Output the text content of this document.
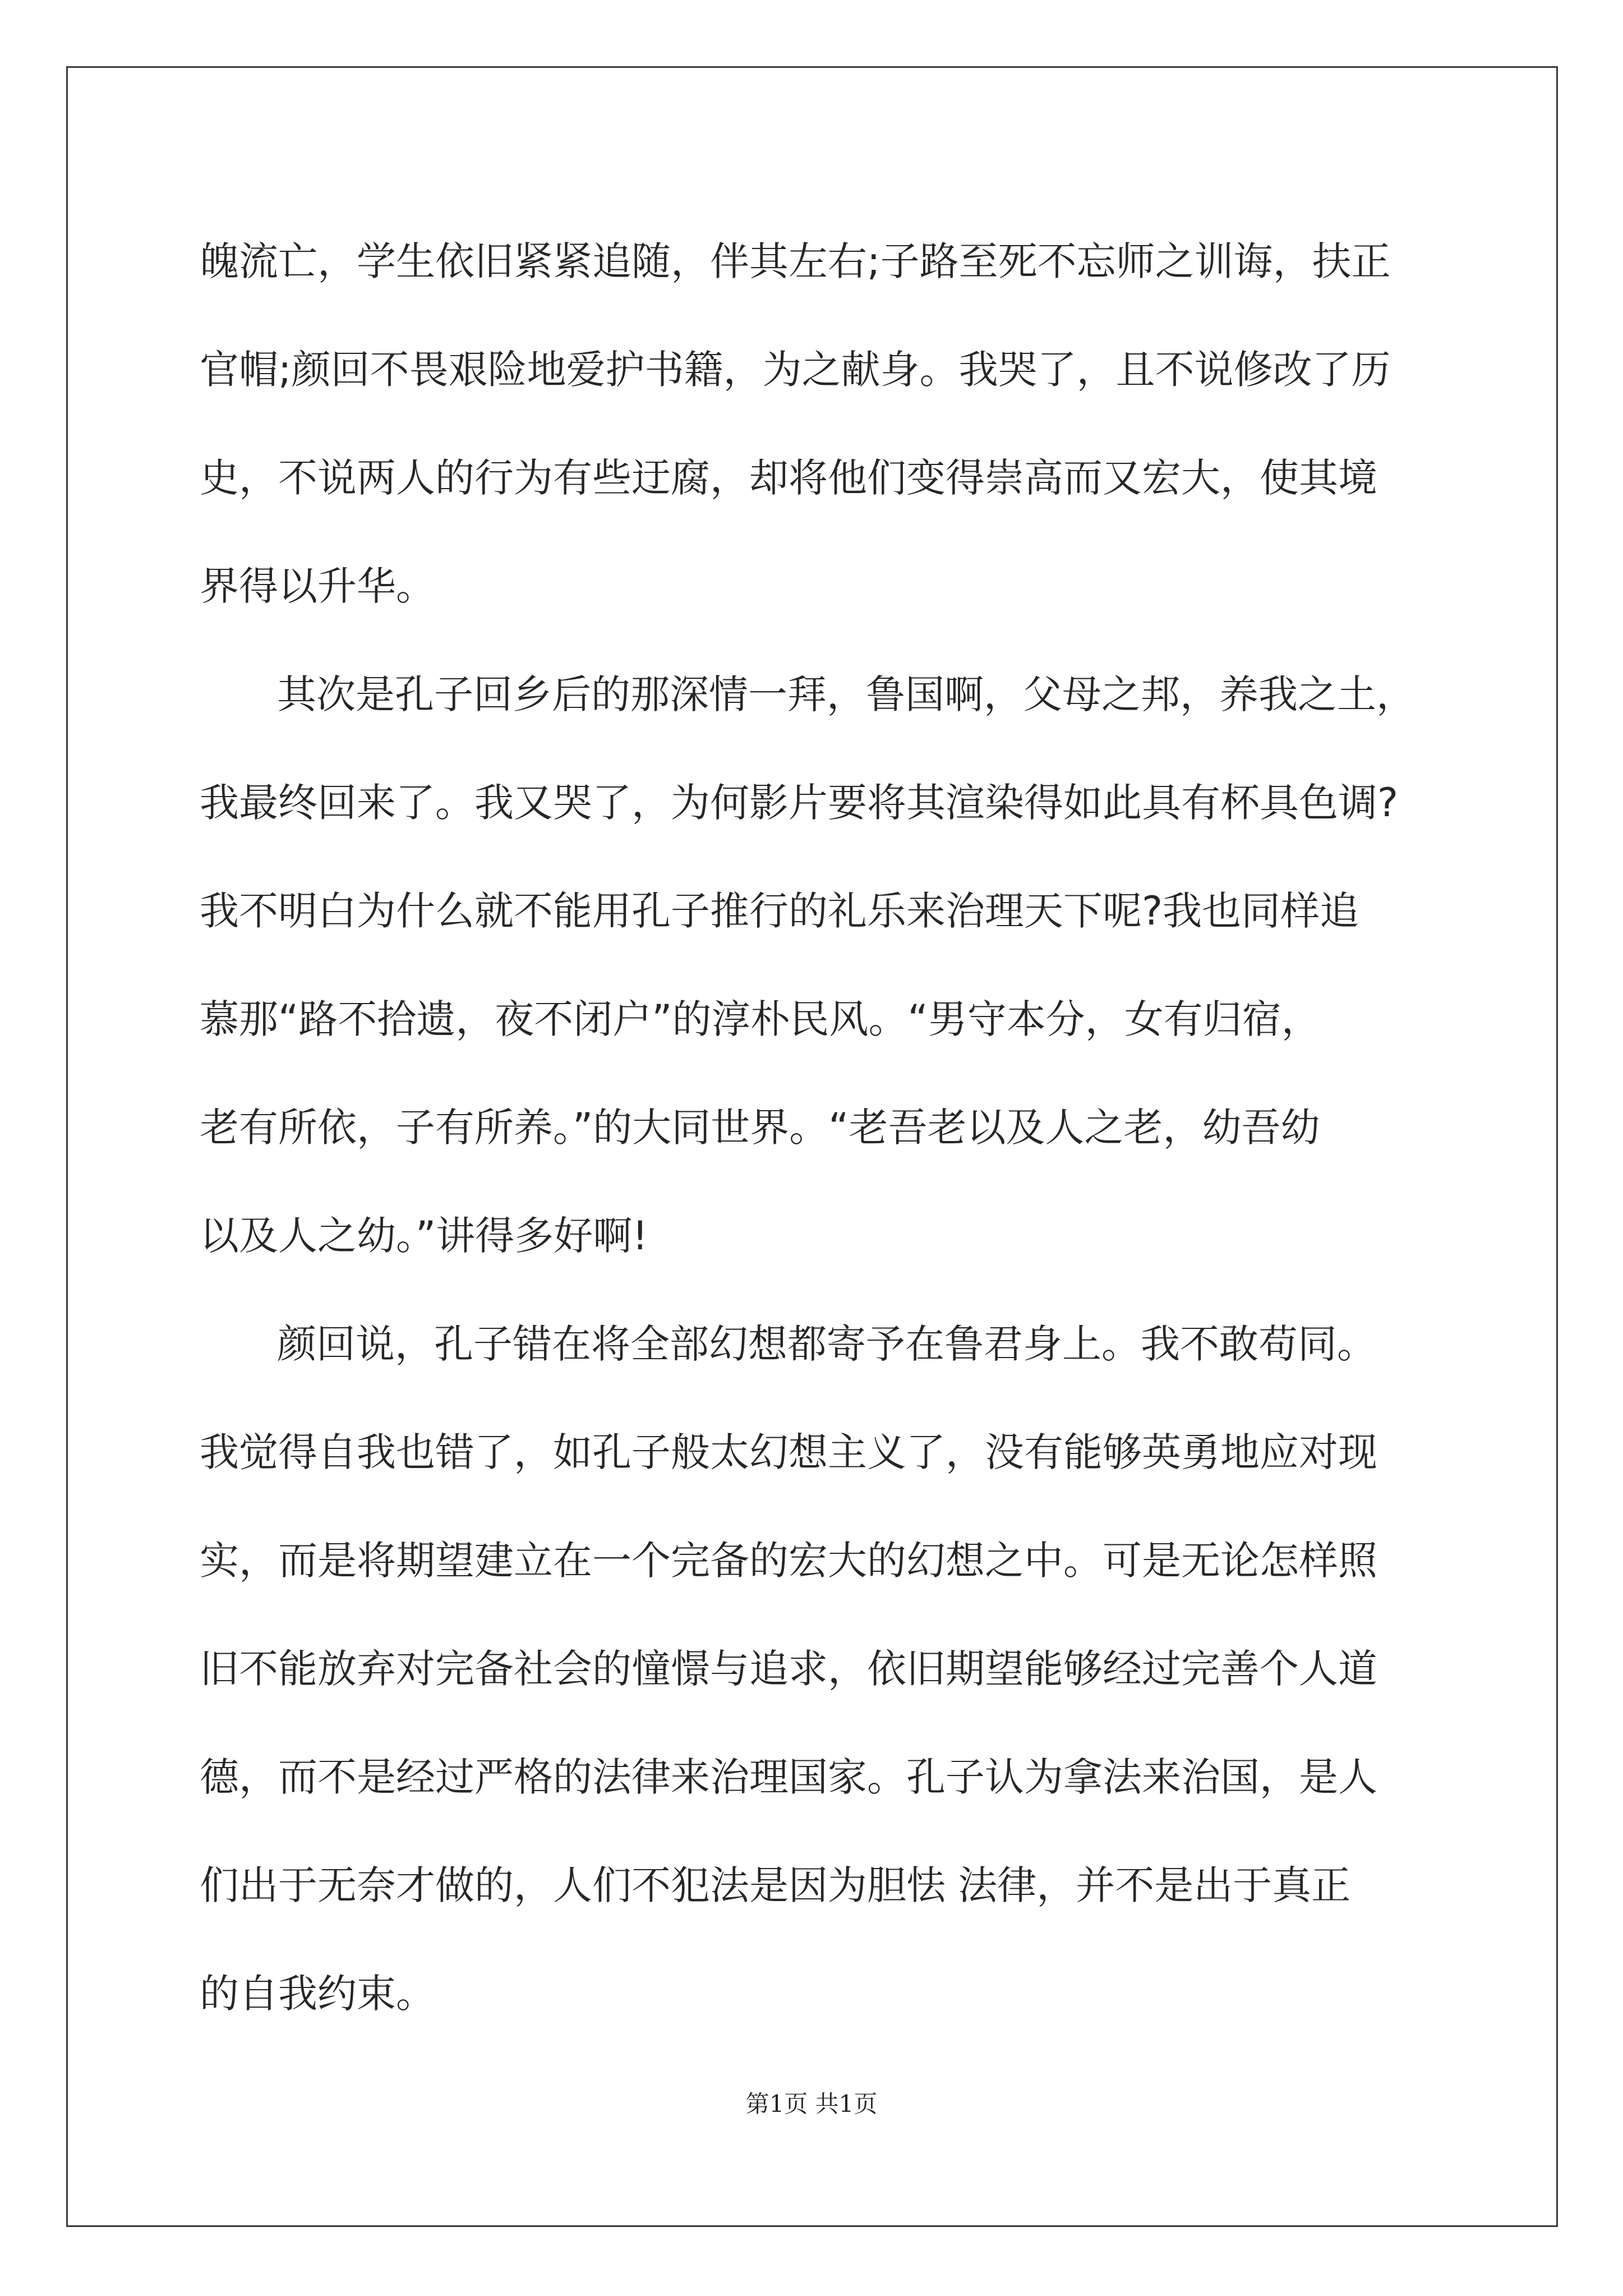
魄流亡，学生依旧紧紧追随，伴其左右;子路至死不忘师之训诲，扶正
官帽;颜回不畏艰险地爱护书籍，为之献身。我哭了，且不说修改了历
史，不说两人的行为有些迂腐，却将他们变得崇高而又宏大，使其境
界得以升华。
其次是孔子回乡后的那深情一拜，鲁国啊，父母之邦，养我之土，
我最终回来了。我又哭了，为何影片要将其渲染得如此具有杯具色调?
我不明白为什么就不能用孔子推行的礼乐来治理天下呢?我也同样追
慕那“路不拾遗，夜不闭户”的淳朴民风。“男守本分，女有归宿，
老有所依，子有所养。”的大同世界。“老吾老以及人之老，幼吾幼
以及人之幼。”讲得多好啊!
颜回说，孔子错在将全部幻想都寄予在鲁君身上。我不敢苟同。
我觉得自我也错了，如孔子般太幻想主义了，没有能够英勇地应对现
实，而是将期望建立在一个完备的宏大的幻想之中。可是无论怎样照
旧不能放弃对完备社会的憧憬与追求，依旧期望能够经过完善个人道
德，而不是经过严格的法律来治理国家。孔子认为拿法来治国，是人
们出于无奈才做的，人们不犯法是因为胆怯 法律，并不是出于真正
的自我约束。
第1页 共1页
